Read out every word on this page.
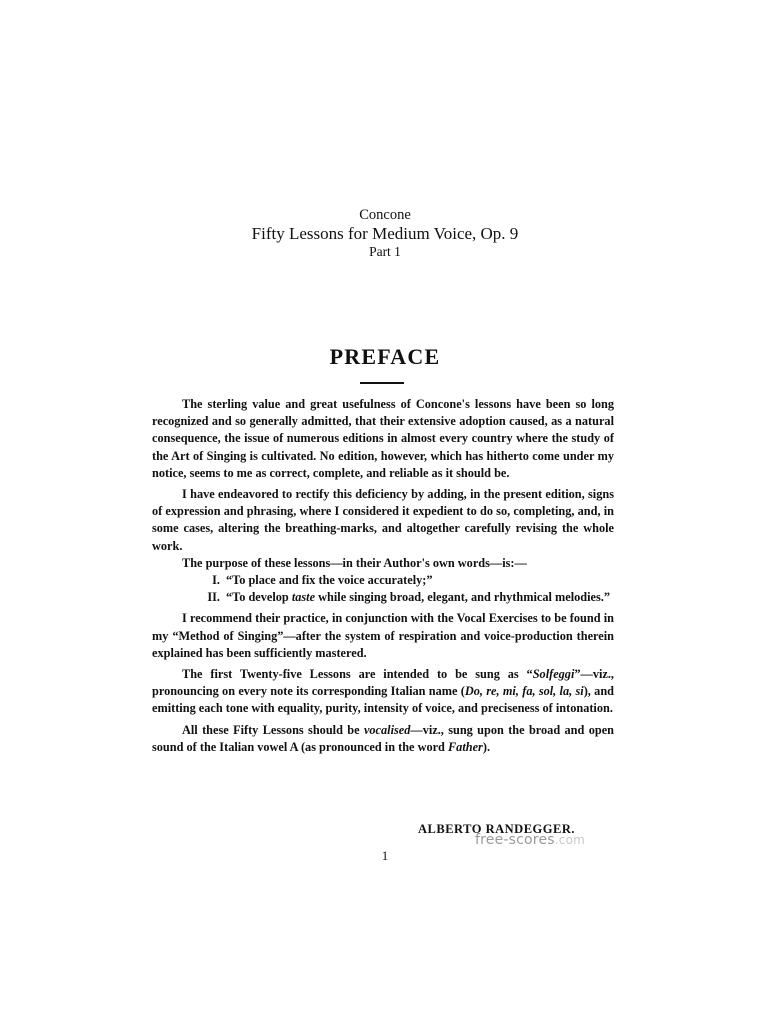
Concone
Fifty Lessons for Medium Voice, Op. 9
Part 1
PREFACE

The sterling value and great usefulness of Concone's lessons have been so long recognized and so generally admitted, that their extensive adoption caused, as a natural consequence, the issue of numerous editions in almost every country where the study of the Art of Singing is cultivated. No edition, however, which has hitherto come under my notice, seems to me as correct, complete, and reliable as it should be.

I have endeavored to rectify this deficiency by adding, in the present edition, signs of expression and phrasing, where I considered it expedient to do so, completing, and, in some cases, altering the breathing-marks, and altogether carefully revising the whole work.

The purpose of these lessons—in their Author's own words—is:—

I. “To place and fix the voice accurately;”
II. “To develop taste while singing broad, elegant, and rhythmical melodies.”

I recommend their practice, in conjunction with the Vocal Exercises to be found in my “Method of Singing”—after the system of respiration and voice-production therein explained has been sufficiently mastered.

The first Twenty-five Lessons are intended to be sung as “Solfeggi”—viz., pronouncing on every note its corresponding Italian name (Do, re, mi, fa, sol, la, si), and emitting each tone with equality, purity, intensity of voice, and preciseness of intonation.

All these Fifty Lessons should be vocalised—viz., sung upon the broad and open sound of the Italian vowel A (as pronounced in the word Father).

ALBERTO RANDEGGER.
free-scores.com
1
